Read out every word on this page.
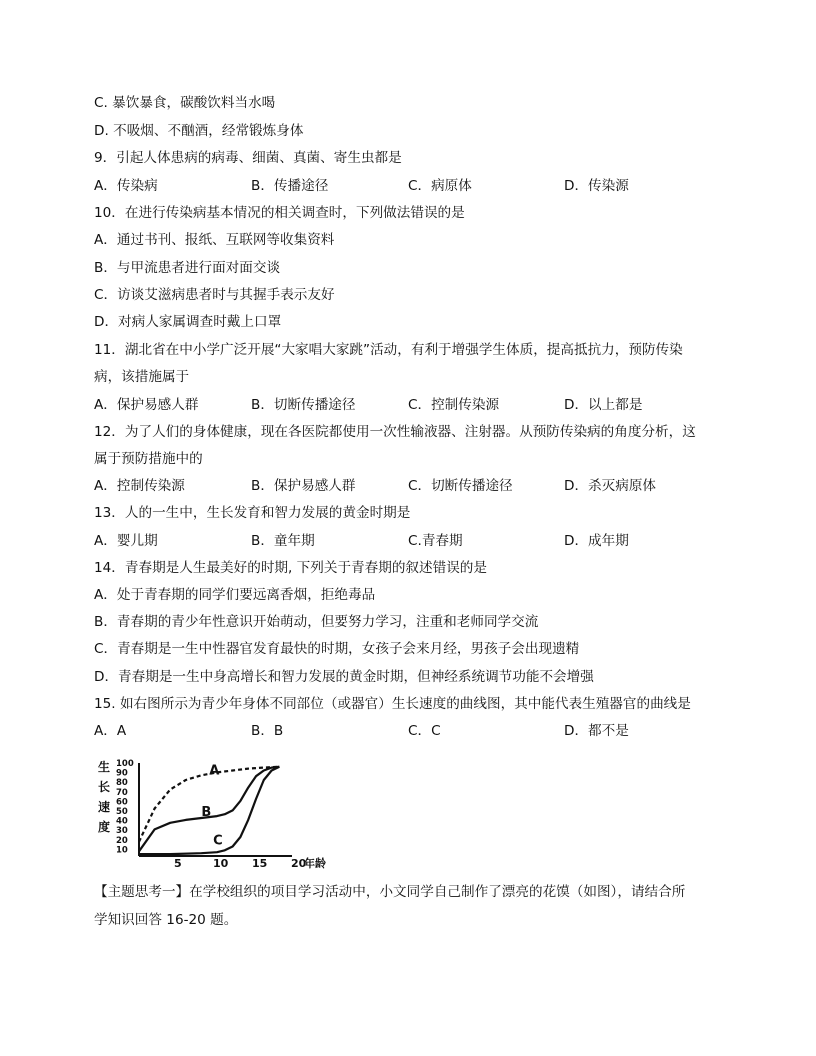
C. 暴饮暴食，碳酸饮料当水喝
D. 不吸烟、不酗酒，经常锻炼身体
9．引起人体患病的病毒、细菌、真菌、寄生虫都是
A．传染病	B．传播途径	C．病原体	D．传染源
10．在进行传染病基本情况的相关调查时，下列做法错误的是
A．通过书刊、报纸、互联网等收集资料
B．与甲流患者进行面对面交谈
C．访谈艾滋病患者时与其握手表示友好
D．对病人家属调查时戴上口罩
11．湖北省在中小学广泛开展“大家唱大家跳”活动，有利于增强学生体质，提高抵抗力，预防传染
病，该措施属于
A．保护易感人群	B．切断传播途径	C．控制传染源	D．以上都是
12．为了人们的身体健康，现在各医院都使用一次性输液器、注射器。从预防传染病的角度分析，这
属于预防措施中的
A．控制传染源	B．保护易感人群	C．切断传播途径	D．杀灭病原体
13．人的一生中，生长发育和智力发展的黄金时期是
A．婴儿期	B．童年期	C.青春期	D．成年期
14．青春期是人生最美好的时期, 下列关于青春期的叙述错误的是
A．处于青春期的同学们要远离香烟，拒绝毒品
B．青春期的青少年性意识开始萌动，但要努力学习，注重和老师同学交流
C．青春期是一生中性器官发育最快的时期，女孩子会来月经，男孩子会出现遗精
D．青春期是一生中身高增长和智力发展的黄金时期，但神经系统调节功能不会增强
15. 如右图所示为青少年身体不同部位（或器官）生长速度的曲线图，其中能代表生殖器官的曲线是
A．A	B．B	C．C	D．都不是
生
长
速
度
100
90
80
70
60
50
40
30
20
10
5	10 15 20
年龄
A
B
C
【主题思考一】在学校组织的项目学习活动中，小文同学自己制作了漂亮的花馍（如图），请结合所
学知识回答 16-20 题。
